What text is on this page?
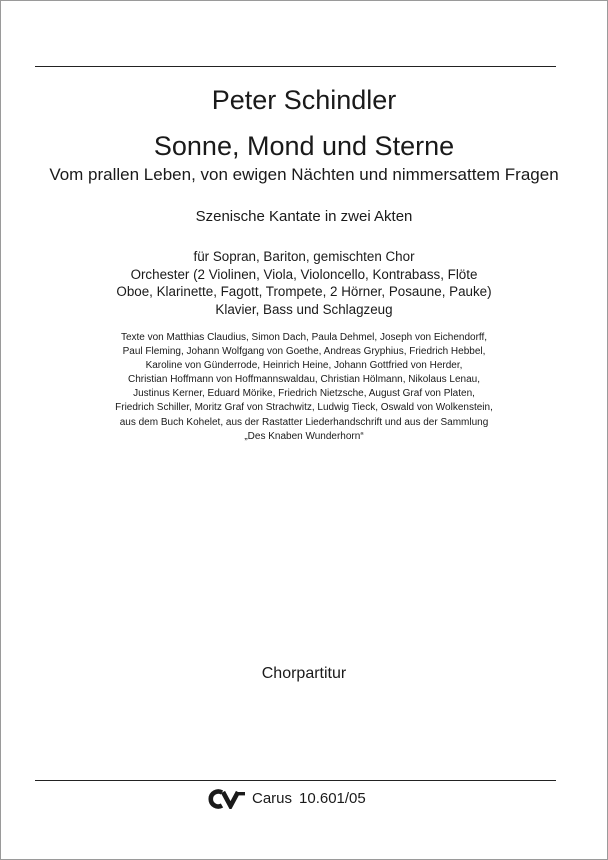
Peter Schindler
Sonne, Mond und Sterne
Vom prallen Leben, von ewigen Nächten und nimmersattem Fragen
Szenische Kantate in zwei Akten
für Sopran, Bariton, gemischten Chor
Orchester (2 Violinen, Viola, Violoncello, Kontrabass, Flöte
Oboe, Klarinette, Fagott, Trompete, 2 Hörner, Posaune, Pauke)
Klavier, Bass und Schlagzeug
Texte von Matthias Claudius, Simon Dach, Paula Dehmel, Joseph von Eichendorff,
Paul Fleming, Johann Wolfgang von Goethe, Andreas Gryphius, Friedrich Hebbel,
Karoline von Günderrode, Heinrich Heine, Johann Gottfried von Herder,
Christian Hoffmann von Hoffmannswaldau, Christian Hölmann, Nikolaus Lenau,
Justinus Kerner, Eduard Mörike, Friedrich Nietzsche, August Graf von Platen,
Friedrich Schiller, Moritz Graf von Strachwitz, Ludwig Tieck, Oswald von Wolkenstein,
aus dem Buch Kohelet, aus der Rastatter Liederhandschrift und aus der Sammlung
„Des Knaben Wunderhorn“
Chorpartitur
Carus 10.601/05
